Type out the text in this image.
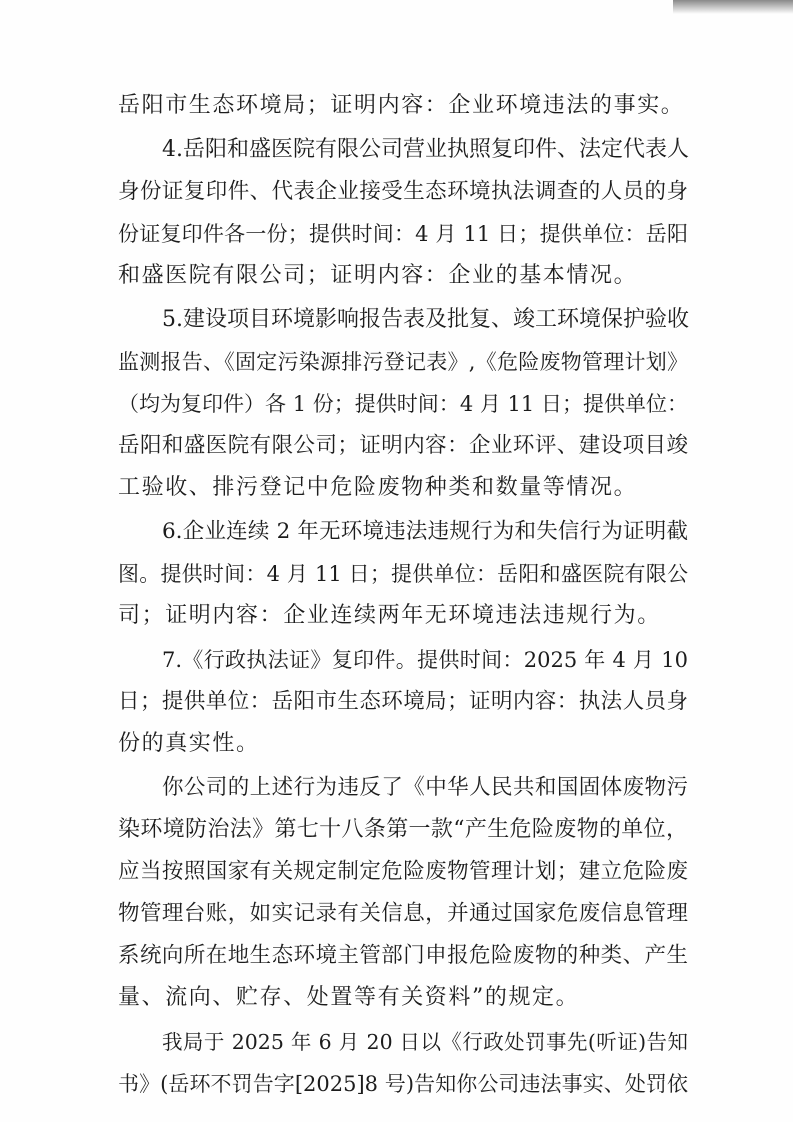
岳阳市生态环境局；证明内容：企业环境违法的事实。
4.岳阳和盛医院有限公司营业执照复印件、法定代表人
身份证复印件、代表企业接受生态环境执法调查的人员的身
份证复印件各一份；提供时间：4 月 11 日；提供单位：岳阳
和盛医院有限公司；证明内容：企业的基本情况。
5.建设项目环境影响报告表及批复、竣工环境保护验收
监测报告、《固定污染源排污登记表》,《危险废物管理计划》
（均为复印件）各 1 份；提供时间：4 月 11 日；提供单位：
岳阳和盛医院有限公司；证明内容：企业环评、建设项目竣
工验收、排污登记中危险废物种类和数量等情况。
6.企业连续 2 年无环境违法违规行为和失信行为证明截
图。提供时间：4 月 11 日；提供单位：岳阳和盛医院有限公
司；证明内容：企业连续两年无环境违法违规行为。
7.《行政执法证》复印件。提供时间：2025 年 4 月 10
日；提供单位：岳阳市生态环境局；证明内容：执法人员身
份的真实性。
你公司的上述行为违反了《中华人民共和国固体废物污
染环境防治法》第七十八条第一款“产生危险废物的单位，
应当按照国家有关规定制定危险废物管理计划；建立危险废
物管理台账，如实记录有关信息，并通过国家危废信息管理
系统向所在地生态环境主管部门申报危险废物的种类、产生
量、流向、贮存、处置等有关资料”的规定。
我局于 2025 年 6 月 20 日以《行政处罚事先(听证)告知
书》(岳环不罚告字[2025]8 号)告知你公司违法事实、处罚依
